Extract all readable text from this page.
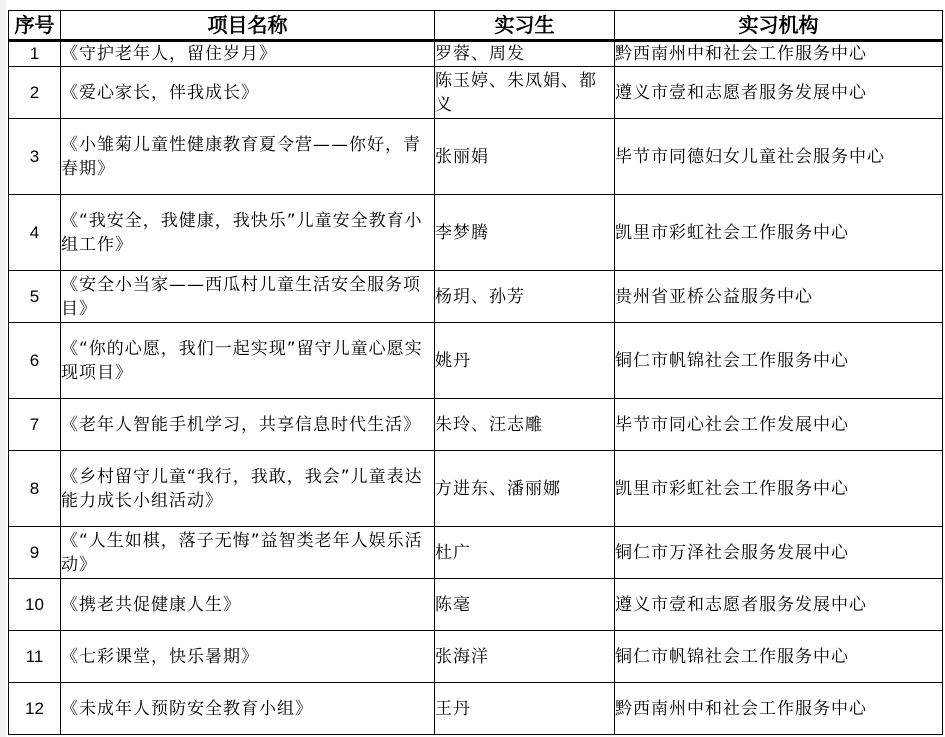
序号	项目名称	实习生	实习机构
1	《守护老年人，留住岁月》	罗蓉、周发	黔西南州中和社会工作服务中心
2	《爱心家长，伴我成长》	陈玉婷、朱凤娟、都义	遵义市壹和志愿者服务发展中心
3	《小雏菊儿童性健康教育夏令营——你好，青春期》	张丽娟	毕节市同德妇女儿童社会服务中心
4	《“我安全，我健康，我快乐”儿童安全教育小组工作》	李梦腾	凯里市彩虹社会工作服务中心
5	《安全小当家——西瓜村儿童生活安全服务项目》	杨玥、孙芳	贵州省亚桥公益服务中心
6	《“你的心愿，我们一起实现”留守儿童心愿实现项目》	姚丹	铜仁市帆锦社会工作服务中心
7	《老年人智能手机学习，共享信息时代生活》	朱玲、汪志雕	毕节市同心社会工作发展中心
8	《乡村留守儿童“我行，我敢，我会”儿童表达能力成长小组活动》	方进东、潘丽娜	凯里市彩虹社会工作服务中心
9	《“人生如棋，落子无悔”益智类老年人娱乐活动》	杜广	铜仁市万泽社会服务发展中心
10	《携老共促健康人生》	陈毫	遵义市壹和志愿者服务发展中心
11	《七彩课堂，快乐暑期》	张海洋	铜仁市帆锦社会工作服务中心
12	《未成年人预防安全教育小组》	王丹	黔西南州中和社会工作服务中心
